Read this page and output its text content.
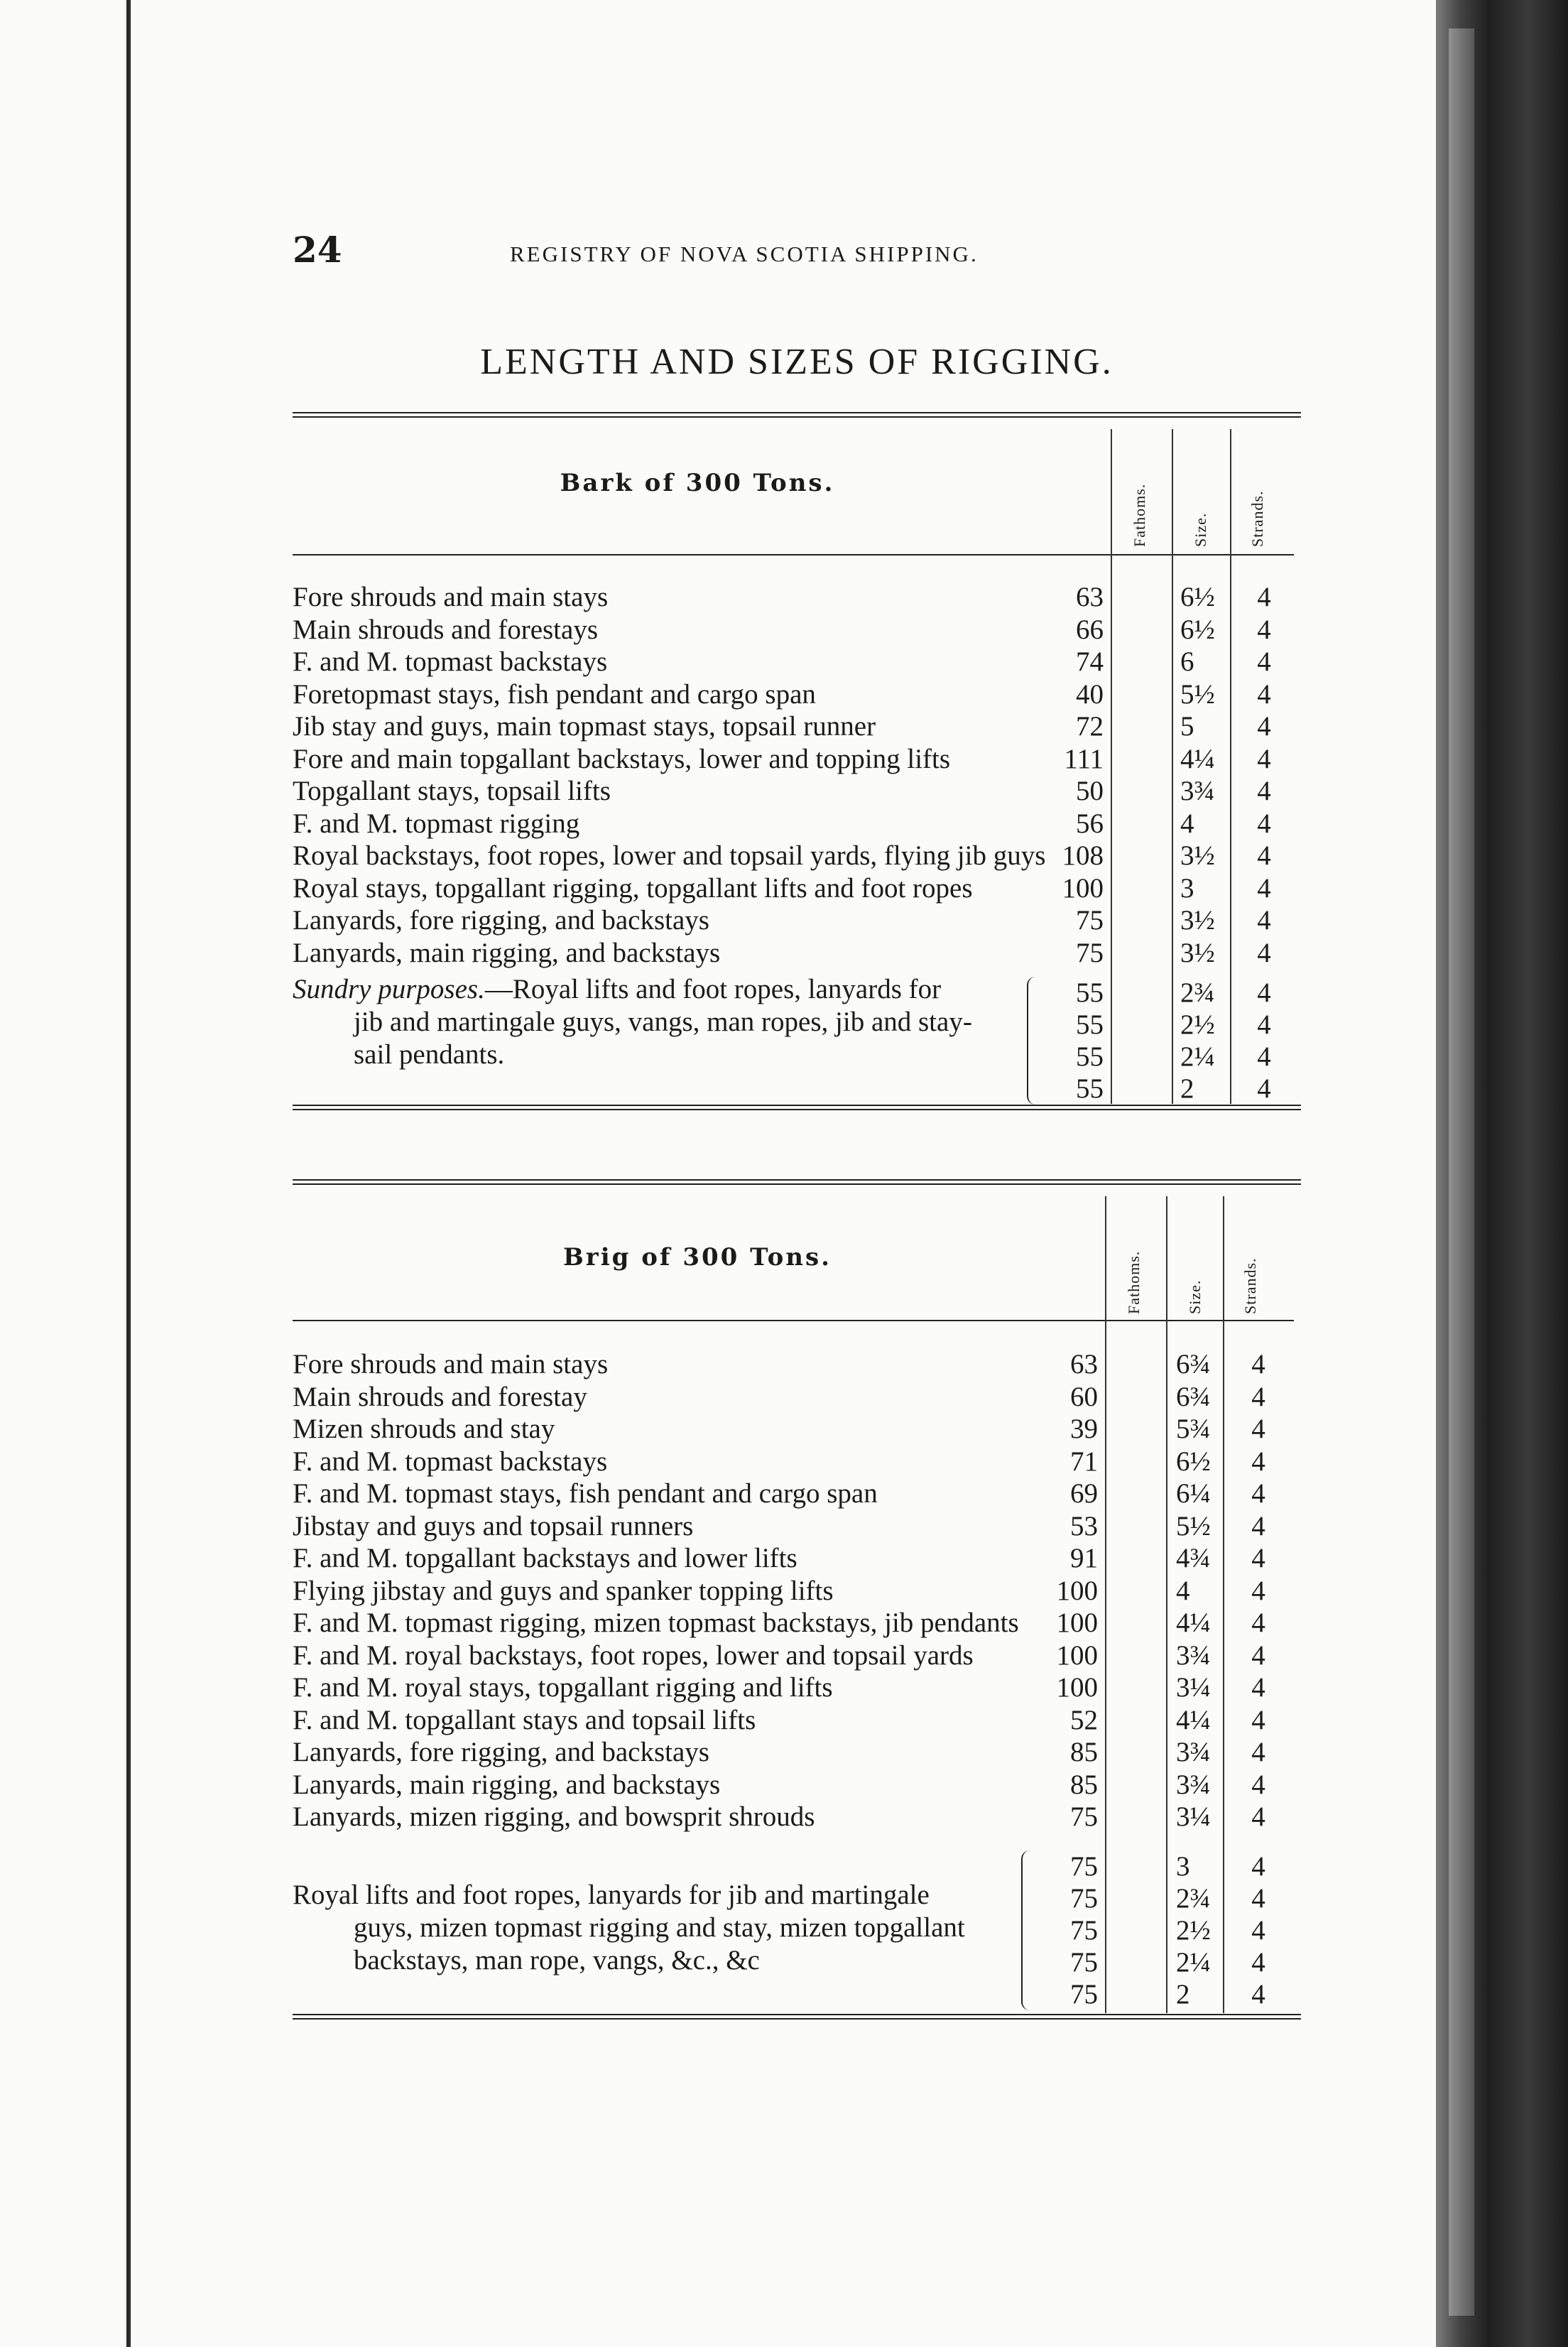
24	REGISTRY OF NOVA SCOTIA SHIPPING.
LENGTH AND SIZES OF RIGGING.
Bark of 300 Tons.
Fathoms.	Size.	Strands.
Fore shrouds and main stays	63	6½	4
Main shrouds and forestays	66	6½	4
F. and M. topmast backstays	74	6	4
Foretopmast stays, fish pendant and cargo span	40	5½	4
Jib stay and guys, main topmast stays, topsail runner	72	5	4
Fore and main topgallant backstays, lower and topping lifts	111	4¼	4
Topgallant stays, topsail lifts	50	3¾	4
F. and M. topmast rigging	56	4	4
Royal backstays, foot ropes, lower and topsail yards, flying jib guys 108	3½	4
Royal stays, topgallant rigging, topgallant lifts and foot ropes	100	3	4
Lanyards, fore rigging, and backstays	75	3½	4
Lanyards, main rigging, and backstays	75	3½	4
Sundry purposes.—Royal lifts and foot ropes, lanyards for
jib and martingale guys, vangs, man ropes, jib and stay-
sail pendants.
55	2¾	4
55	2½	4
55	2¼	4
55	2	4
Brig of 300 Tons.	Fathoms.	Size. Strands.
Fore shrouds and main stays	63	6¾	4
Main shrouds and forestay	60	6¾	4
Mizen shrouds and stay	39	5¾	4
F. and M. topmast backstays	71	6½	4
F. and M. topmast stays, fish pendant and cargo span	69	6¼	4
Jibstay and guys and topsail runners	53	5½	4
F. and M. topgallant backstays and lower lifts	91	4¾	4
Flying jibstay and guys and spanker topping lifts	100	4	4
F. and M. topmast rigging, mizen topmast backstays, jib pendants	100	4¼	4
F. and M. royal backstays, foot ropes, lower and topsail yards	100	3¾	4
F. and M. royal stays, topgallant rigging and lifts	100	3¼	4
F. and M. topgallant stays and topsail lifts	52	4¼	4
Lanyards, fore rigging, and backstays	85	3¾	4
Lanyards, main rigging, and backstays	85	3¾	4
Lanyards, mizen rigging, and bowsprit shrouds	75	3¼	4
Royal lifts and foot ropes, lanyards for jib and martingale
guys, mizen topmast rigging and stay, mizen topgallant
backstays, man rope, vangs, &c., &c
75	3	4
75	2¾	4
75	2½	4
75	2¼	4
75	2	4
